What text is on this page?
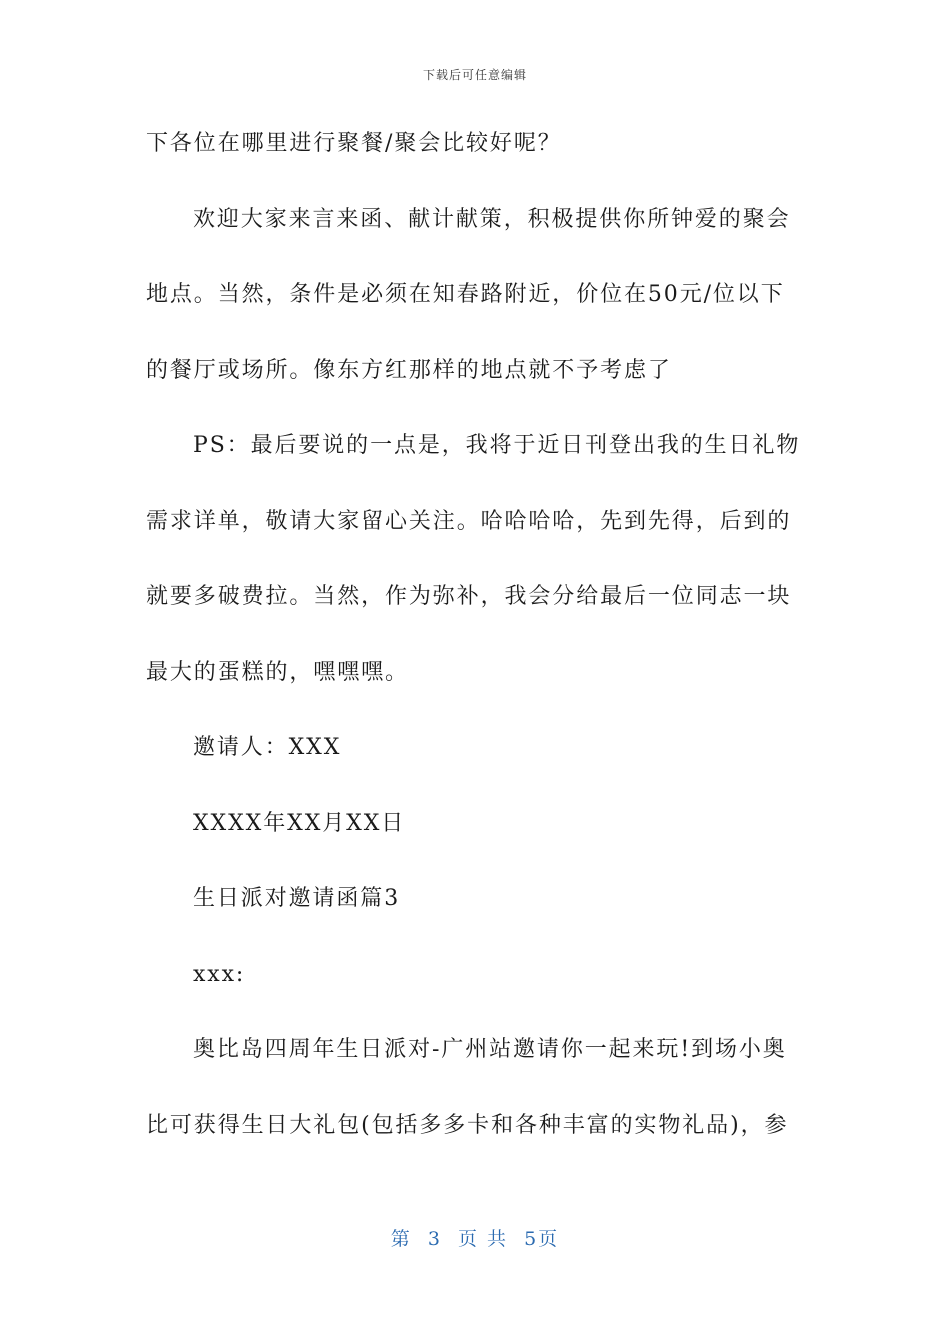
下载后可任意编辑
下各位在哪里进行聚餐/聚会比较好呢？
欢迎大家来言来函、献计献策，积极提供你所钟爱的聚会
地点。当然，条件是必须在知春路附近，价位在50元/位以下
的餐厅或场所。像东方红那样的地点就不予考虑了
PS：最后要说的一点是，我将于近日刊登出我的生日礼物
需求详单，敬请大家留心关注。哈哈哈哈，先到先得，后到的
就要多破费拉。当然，作为弥补，我会分给最后一位同志一块
最大的蛋糕的，嘿嘿嘿。
邀请人：XXX
XXXX年XX月XX日
生日派对邀请函篇3
xxx:
奥比岛四周年生日派对-广州站邀请你一起来玩!到场小奥
比可获得生日大礼包(包括多多卡和各种丰富的实物礼品)，参
第 3 页 共 5页
